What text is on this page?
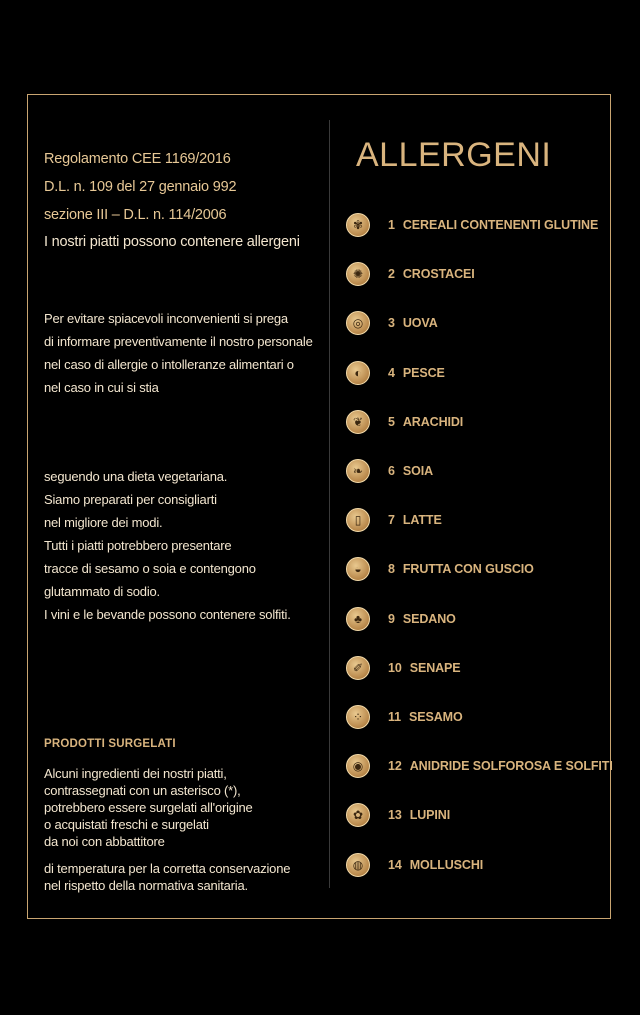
Regolamento CEE 1169/2016
D.L. n. 109 del 27 gennaio 992
sezione III – D.L. n. 114/2006
I nostri piatti possono contenere allergeni
Per evitare spiacevoli inconvenienti si prega
di informare preventivamente il nostro personale
nel caso di allergie o intolleranze alimentari o
nel caso in cui si stia
seguendo una dieta vegetariana.
Siamo preparati per consigliarti
nel migliore dei modi.
Tutti i piatti potrebbero presentare
tracce di sesamo o soia e contengono
glutammato di sodio.
I vini e le bevande possono contenere solfiti.
PRODOTTI SURGELATI
Alcuni ingredienti dei nostri piatti,
contrassegnati con un asterisco (*),
potrebbero essere surgelati all'origine
o acquistati freschi e surgelati
da noi con abbattitore
di temperatura per la corretta conservazione
nel rispetto della normativa sanitaria.
ALLERGENI
✾ 1 CEREALI CONTENENTI GLUTINE
✺ 2 CROSTACEI
◎ 3 UOVA
◐ 4 PESCE
❦ 5 ARACHIDI
❧ 6 SOIA
▯ 7 LATTE
◒ 8 FRUTTA CON GUSCIO
♣ 9 SEDANO
✐ 10 SENAPE
⁘ 11 SESAMO
◉ 12 ANIDRIDE SOLFOROSA E SOLFITI
✿ 13 LUPINI
◍ 14 MOLLUSCHI
